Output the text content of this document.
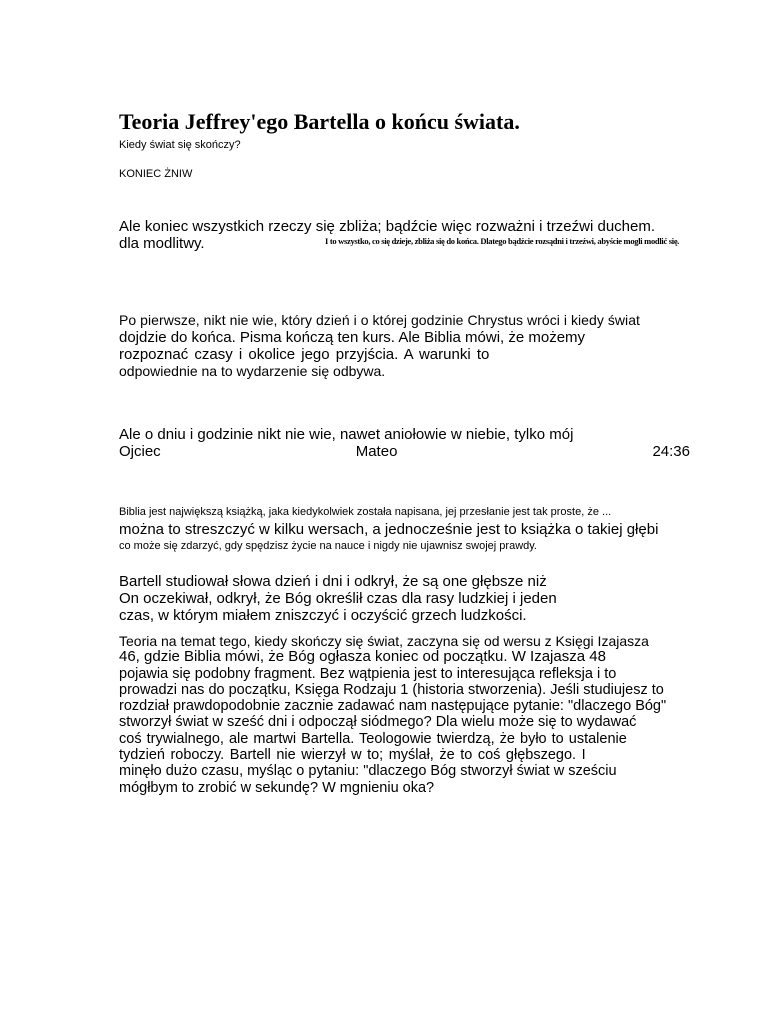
Teoria Jeffrey'ego Bartella o końcu świata.
Kiedy świat się skończy?
KONIEC ŻNIW
Ale koniec wszystkich rzeczy się zbliża; bądźcie więc rozważni i trzeźwi duchem.
dla modlitwy.	I to wszystko, co się dzieje, zbliża się do końca. Dlatego bądźcie rozsądni i trzeźwi, abyście mogli modlić się.
Po pierwsze, nikt nie wie, który dzień i o której godzinie Chrystus wróci i kiedy świat
dojdzie do końca. Pisma kończą ten kurs. Ale Biblia mówi, że możemy
rozpoznać czasy i okolice jego przyjścia. A warunki to
odpowiednie na to wydarzenie się odbywa.
Ale o dniu i godzinie nikt nie wie, nawet aniołowie w niebie, tylko mój
Ojciec	Mateo	24:36
Biblia jest największą książką, jaka kiedykolwiek została napisana, jej przesłanie jest tak proste, że ...
można to streszczyć w kilku wersach, a jednocześnie jest to książka o takiej głębi
co może się zdarzyć, gdy spędzisz życie na nauce i nigdy nie ujawnisz swojej prawdy.
Bartell studiował słowa dzień i dni i odkrył, że są one głębsze niż
On oczekiwał, odkrył, że Bóg określił czas dla rasy ludzkiej i jeden
czas, w którym miałem zniszczyć i oczyścić grzech ludzkości.
Teoria na temat tego, kiedy skończy się świat, zaczyna się od wersu z Księgi Izajasza
46, gdzie Biblia mówi, że Bóg ogłasza koniec od początku. W Izajasza 48
pojawia się podobny fragment. Bez wątpienia jest to interesująca refleksja i to
prowadzi nas do początku, Księga Rodzaju 1 (historia stworzenia). Jeśli studiujesz to
rozdział prawdopodobnie zacznie zadawać nam następujące pytanie: "dlaczego Bóg"
stworzył świat w sześć dni i odpoczął siódmego? Dla wielu może się to wydawać
coś trywialnego, ale martwi Bartella. Teologowie twierdzą, że było to ustalenie
tydzień roboczy. Bartell nie wierzył w to; myślał, że to coś głębszego. I
minęło dużo czasu, myśląc o pytaniu: "dlaczego Bóg stworzył świat w sześciu
mógłbym to zrobić w sekundę? W mgnieniu oka?
